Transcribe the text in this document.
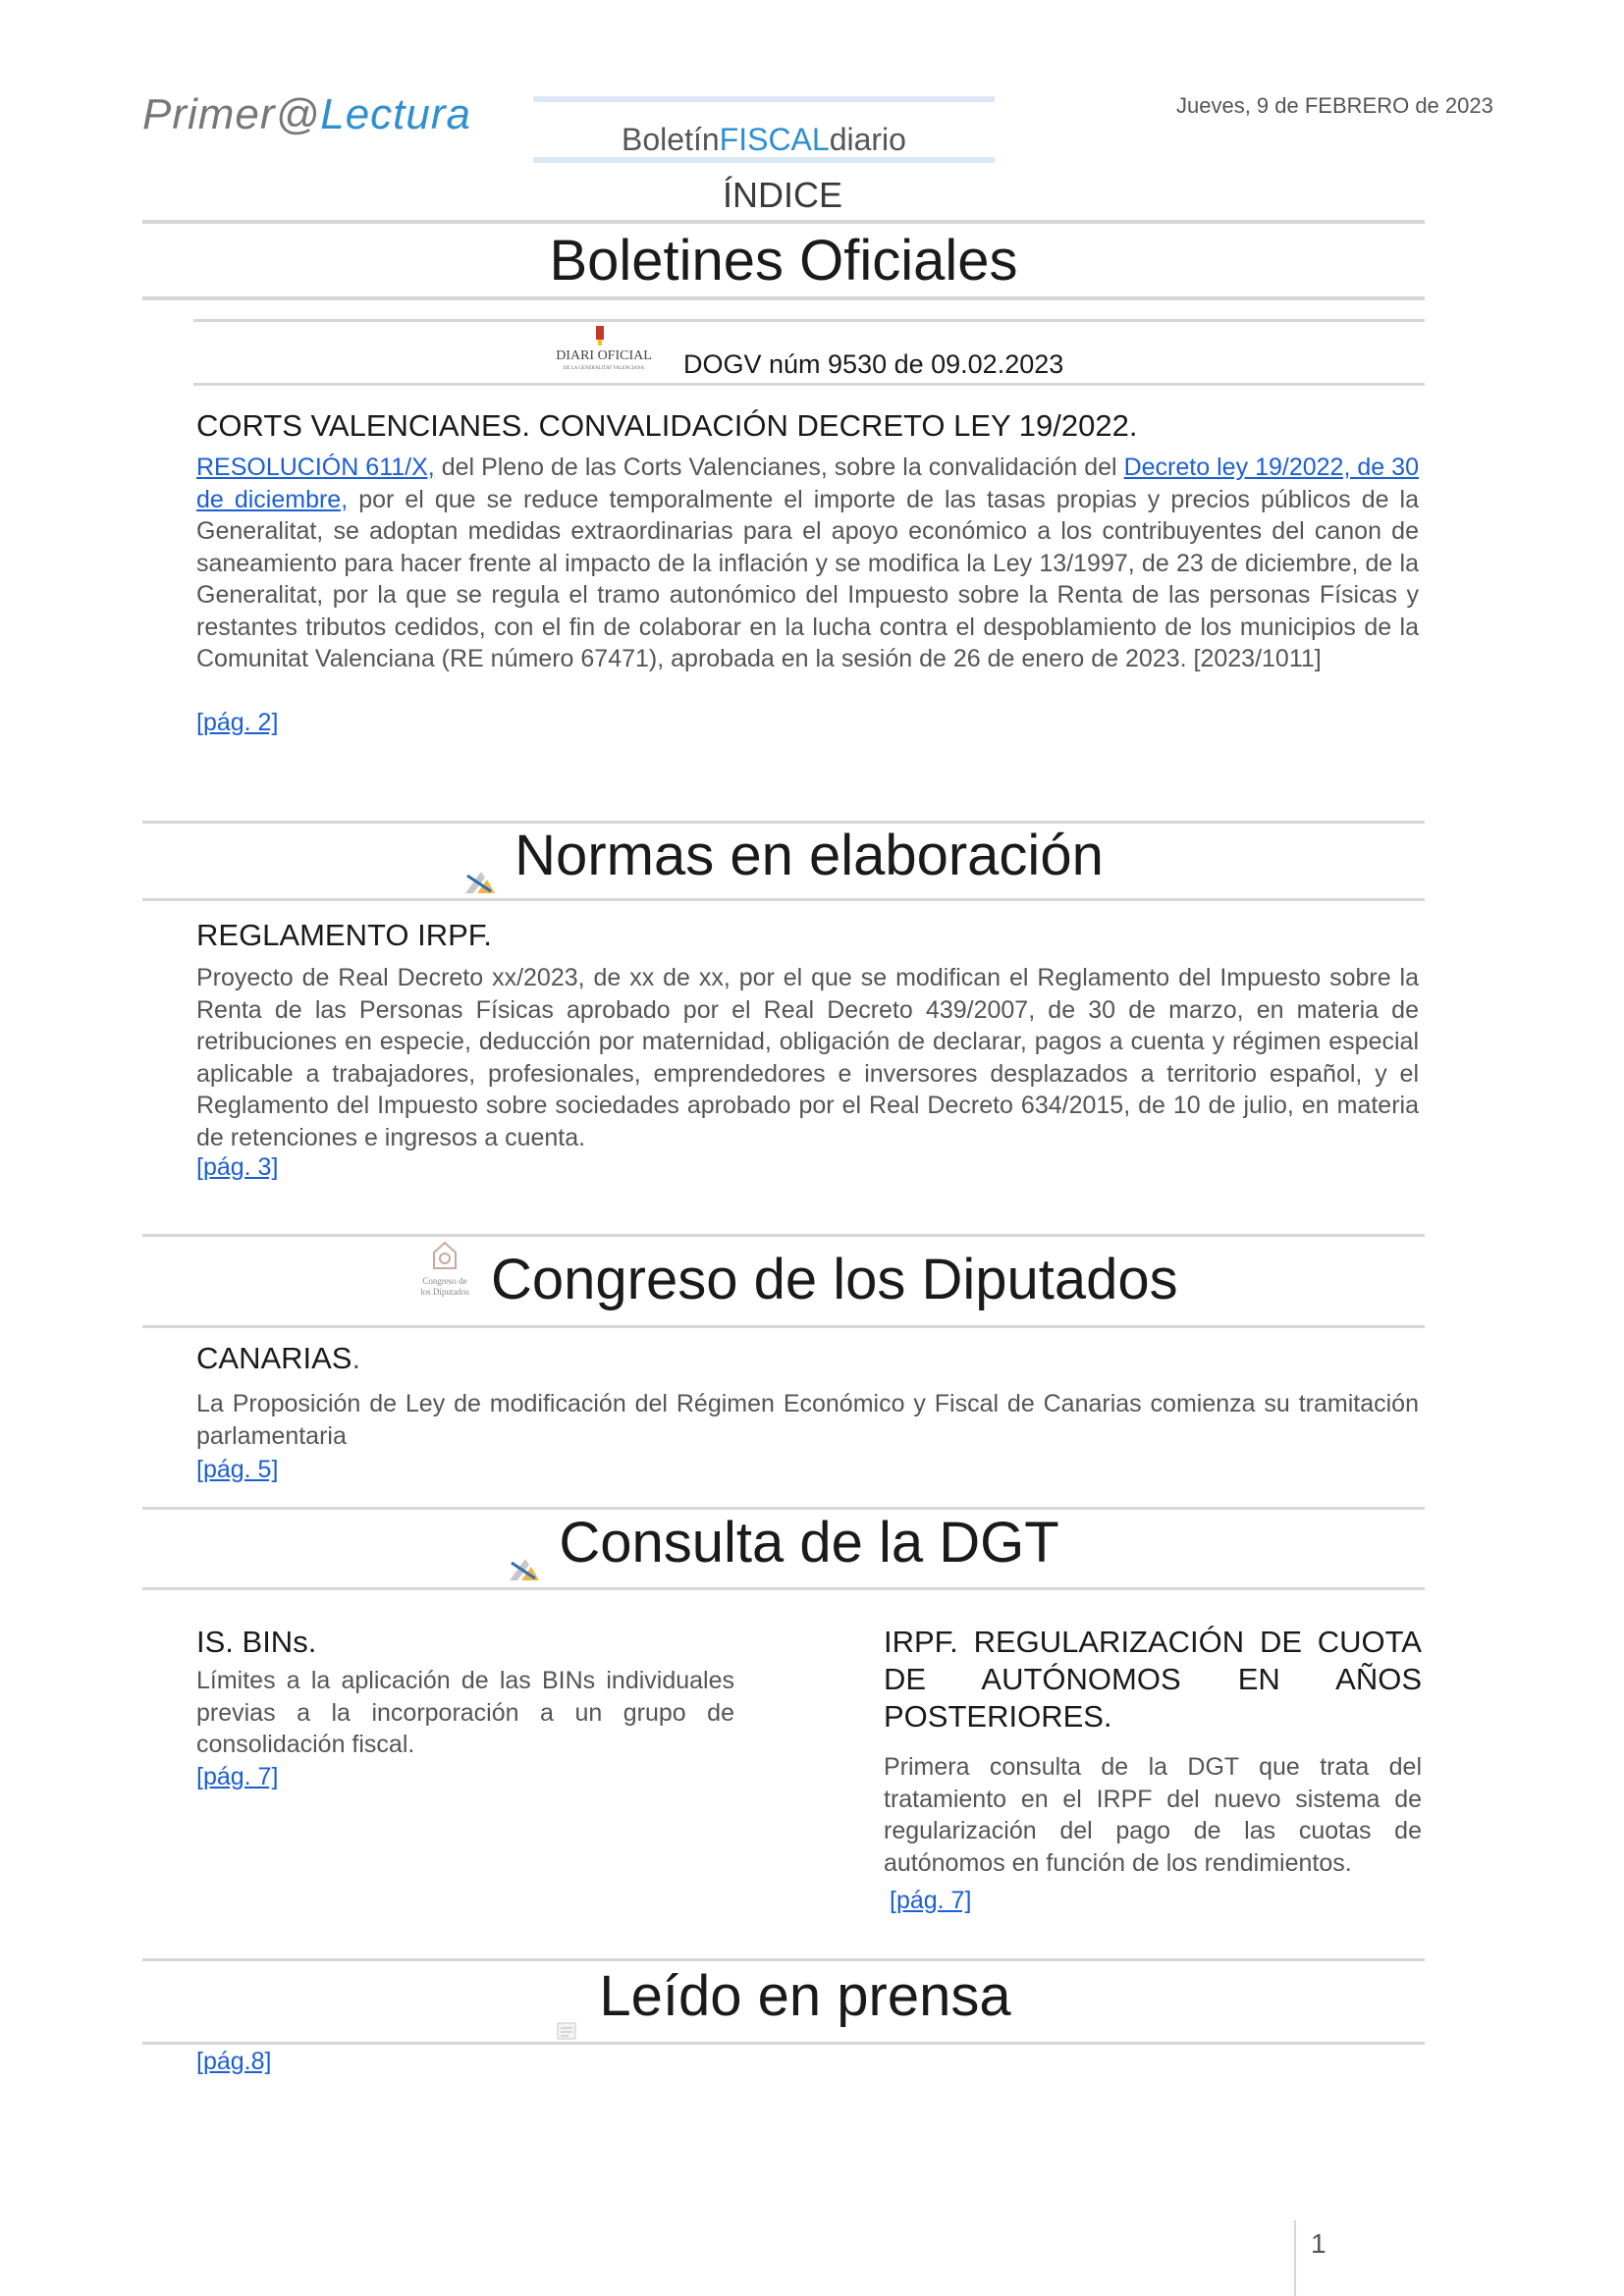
Primer@Lectura
BoletínFISCALdiario
Jueves, 9 de FEBRERO de 2023
ÍNDICE
Boletines Oficiales
DIARI OFICIAL
DE LA GENERALITAT VALENCIANA DOGV núm 9530 de 09.02.2023
CORTS VALENCIANES. CONVALIDACIÓN DECRETO LEY 19/2022.
RESOLUCIÓN 611/X, del Pleno de las Corts Valencianes, sobre la convalidación del Decreto ley 19/2022, de 30 de diciembre, por el que se reduce temporalmente el importe de las tasas propias y precios públicos de la Generalitat, se adoptan medidas extraordinarias para el apoyo económico a los contribuyentes del canon de saneamiento para hacer frente al impacto de la inflación y se modifica la Ley 13/1997, de 23 de diciembre, de la Generalitat, por la que se regula el tramo autonómico del Impuesto sobre la Renta de las personas Físicas y restantes tributos cedidos, con el fin de colaborar en la lucha contra el despoblamiento de los municipios de la Comunitat Valenciana (RE número 67471), aprobada en la sesión de 26 de enero de 2023. [2023/1011]
[pág. 2]
Normas en elaboración
REGLAMENTO IRPF.
Proyecto de Real Decreto xx/2023, de xx de xx, por el que se modifican el Reglamento del Impuesto sobre la Renta de las Personas Físicas aprobado por el Real Decreto 439/2007, de 30 de marzo, en materia de retribuciones en especie, deducción por maternidad, obligación de declarar, pagos a cuenta y régimen especial aplicable a trabajadores, profesionales, emprendedores e inversores desplazados a territorio español, y el Reglamento del Impuesto sobre sociedades aprobado por el Real Decreto 634/2015, de 10 de julio, en materia de retenciones e ingresos a cuenta.
[pág. 3]
Congreso de
los Diputados Congreso de los Diputados
CANARIAS.
La Proposición de Ley de modificación del Régimen Económico y Fiscal de Canarias comienza su tramitación parlamentaria
[pág. 5]
Consulta de la DGT
IS. BINs.
Límites a la aplicación de las BINs individuales previas a la incorporación a un grupo de consolidación fiscal.
[pág. 7]
IRPF. REGULARIZACIÓN DE CUOTA DE AUTÓNOMOS EN AÑOS POSTERIORES.
Primera consulta de la DGT que trata del tratamiento en el IRPF del nuevo sistema de regularización del pago de las cuotas de autónomos en función de los rendimientos.
[pág. 7]
Leído en prensa
[pág.8]
1
